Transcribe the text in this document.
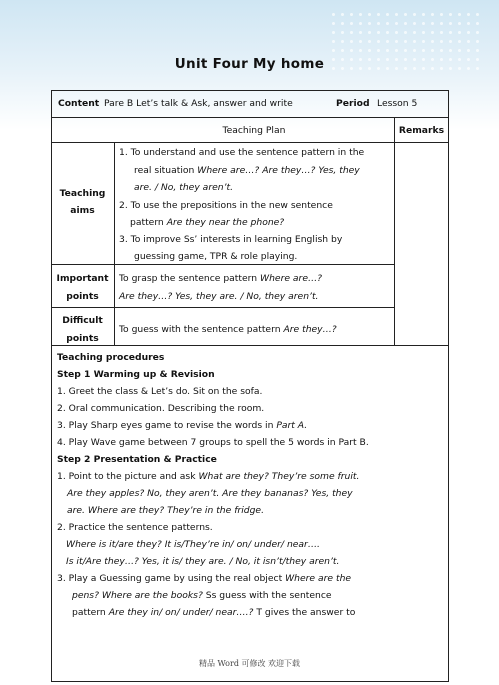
Unit Four My home
Content Pare B Let’s talk & Ask, answer and write	Period Lesson 5
Teaching Plan	Remarks
Teaching
aims
1. To understand and use the sentence pattern in the
real situation Where are…? Are they…? Yes, they
are. / No, they aren’t.
2. To use the prepositions in the new sentence
pattern Are they near the phone?
3. To improve Ss’ interests in learning English by
guessing game, TPR & role playing.
Important
points
To grasp the sentence pattern Where are…?
Are they…? Yes, they are. / No, they aren’t.
Difficult
points
To guess with the sentence pattern Are they…?
Teaching procedures
Step 1 Warming up & Revision
1. Greet the class & Let’s do. Sit on the sofa.
2. Oral communication. Describing the room.
3. Play Sharp eyes game to revise the words in Part A.
4. Play Wave game between 7 groups to spell the 5 words in Part B.
Step 2 Presentation & Practice
1. Point to the picture and ask What are they? They’re some fruit.
Are they apples? No, they aren’t. Are they bananas? Yes, they
are. Where are they? They’re in the fridge.
2. Practice the sentence patterns.
Where is it/are they? It is/They’re in/ on/ under/ near….
Is it/Are they…? Yes, it is/ they are. / No, it isn’t/they aren’t.
3. Play a Guessing game by using the real object Where are the
pens? Where are the books? Ss guess with the sentence
pattern Are they in/ on/ under/ near….? T gives the answer to
精品 Word 可修改 欢迎下载
